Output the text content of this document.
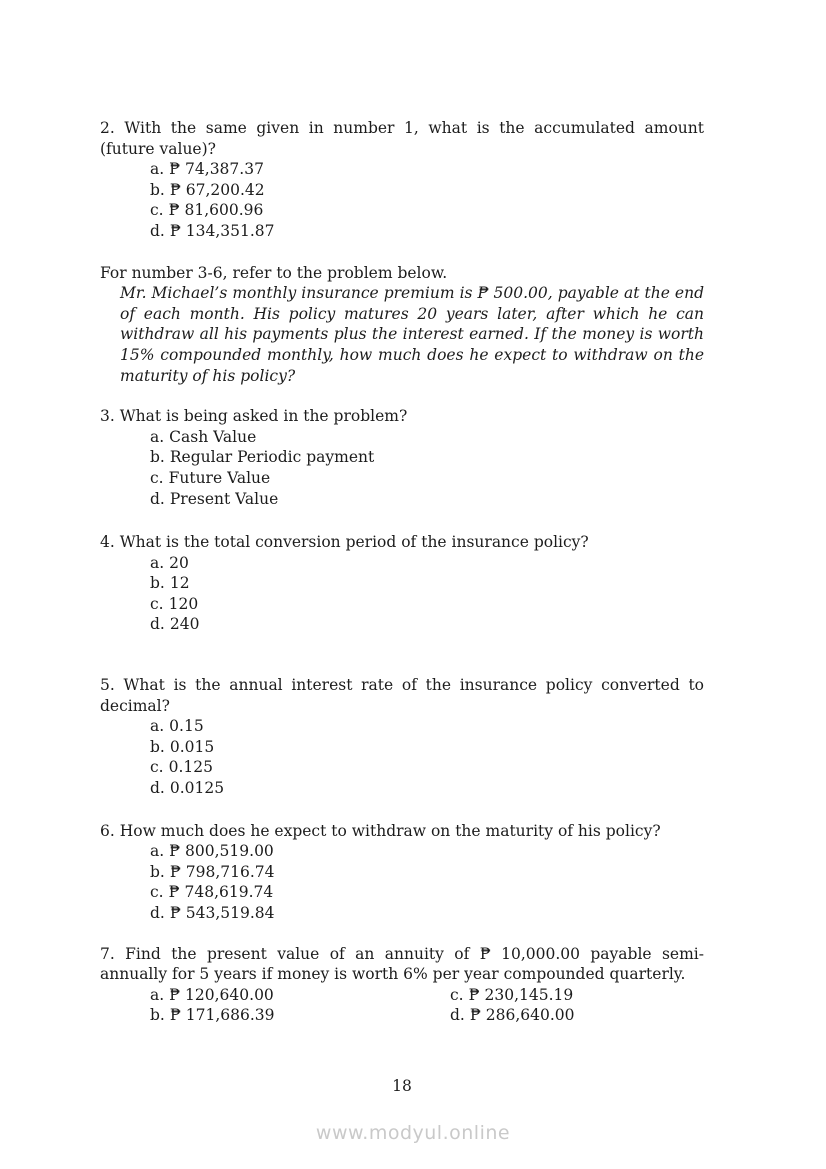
2. With the same given in number 1, what is the accumulated amount (future value)?
a. ₱ 74,387.37
b. ₱ 67,200.42
c. ₱ 81,600.96
d. ₱ 134,351.87
For number 3-6, refer to the problem below.
Mr. Michael’s monthly insurance premium is ₱ 500.00, payable at the end of each month. His policy matures 20 years later, after which he can withdraw all his payments plus the interest earned. If the money is worth 15% compounded monthly, how much does he expect to withdraw on the maturity of his policy?
3. What is being asked in the problem?
a. Cash Value
b. Regular Periodic payment
c. Future Value
d. Present Value
4. What is the total conversion period of the insurance policy?
a. 20
b. 12
c. 120
d. 240
5. What is the annual interest rate of the insurance policy converted to decimal?
a. 0.15
b. 0.015
c. 0.125
d. 0.0125
6. How much does he expect to withdraw on the maturity of his policy?
a. ₱ 800,519.00
b. ₱ 798,716.74
c. ₱ 748,619.74
d. ₱ 543,519.84
7. Find the present value of an annuity of ₱ 10,000.00 payable semi-annually for 5 years if money is worth 6% per year compounded quarterly.
a. ₱ 120,640.00
b. ₱ 171,686.39
c. ₱ 230,145.19
d. ₱ 286,640.00
18
www.modyul.online
